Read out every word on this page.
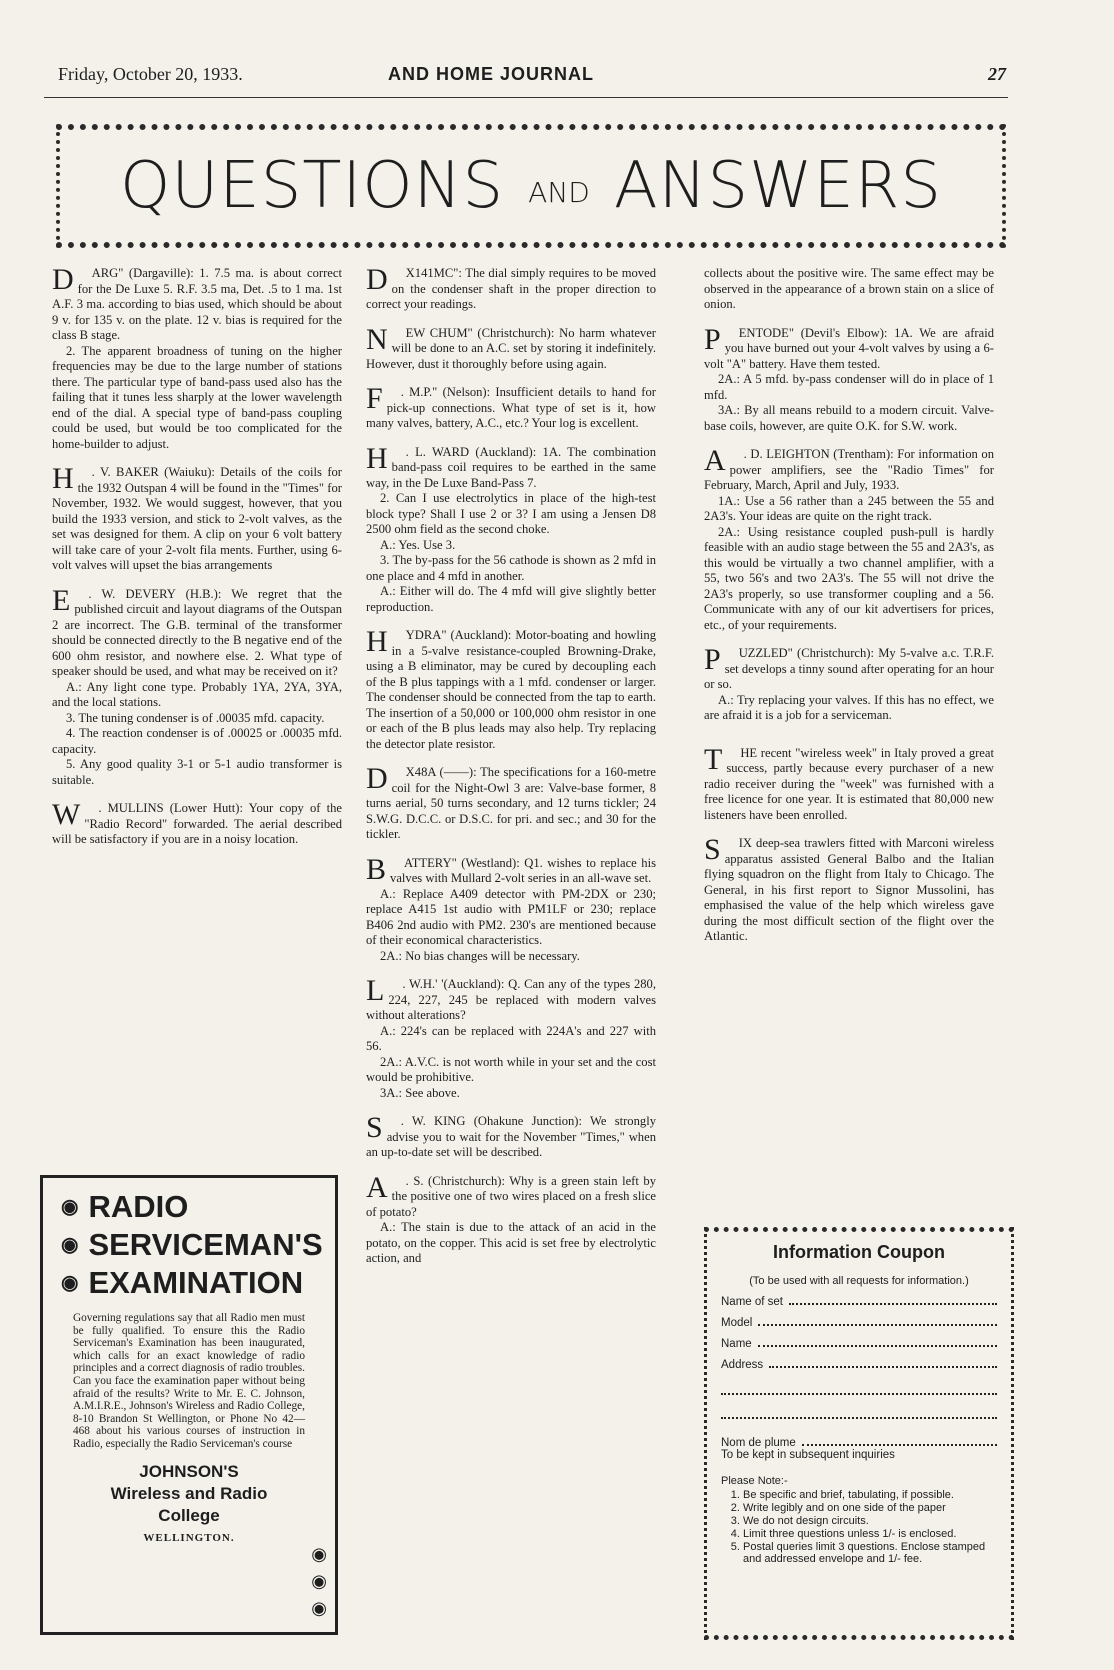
Friday, October 20, 1933.	AND HOME JOURNAL	27
QUESTIONS AND ANSWERS
D	ARG" (Dargaville): 1. 7.5 ma. is about correct for the De Luxe 5. R.F. 3.5 ma, Det. .5 to 1 ma. 1st A.F. 3 ma. according to bias used, which should be about 9 v. for 135 v. on the plate. 12 v. bias is required for the class B stage.

2. The apparent broadness of tuning on the higher frequencies may be due to the large number of stations there. The particular type of band-pass used also has the failing that it tunes less sharply at the lower wavelength end of the dial. A special type of band-pass coupling could be used, but would be too complicated for the home-builder to adjust.

H	. V. BAKER (Waiuku): Details of the coils for the 1932 Outspan 4 will be found in the "Times" for November, 1932. We would suggest, however, that you build the 1933 version, and stick to 2-volt valves, as the set was designed for them. A clip on your 6 volt battery will take care of your 2-volt fila ments. Further, using 6-volt valves will upset the bias arrangements

E	. W. DEVERY (H.B.): We regret that the published circuit and layout diagrams of the Outspan 2 are incorrect. The G.B. terminal of the transformer should be connected directly to the B negative end of the 600 ohm resistor, and nowhere else. 2. What type of speaker should be used, and what may be received on it?

A.: Any light cone type. Probably 1YA, 2YA, 3YA, and the local stations.

3. The tuning condenser is of .00035 mfd. capacity.

4. The reaction condenser is of .00025 or .00035 mfd. capacity.

5. Any good quality 3-1 or 5-1 audio transformer is suitable.

W	. MULLINS (Lower Hutt): Your copy of the "Radio Record" forwarded. The aerial described will be satisfactory if you are in a noisy location.

D	X141MC": The dial simply requires to be moved on the condenser shaft in the proper direction to correct your readings.

N	EW CHUM" (Christchurch): No harm whatever will be done to an A.C. set by storing it indefinitely. However, dust it thoroughly before using again.

F	. M.P." (Nelson): Insufficient details to hand for pick-up connections. What type of set is it, how many valves, battery, A.C., etc.? Your log is excellent.

H	. L. WARD (Auckland): 1A. The combination band-pass coil requires to be earthed in the same way, in the De Luxe Band-Pass 7.

2. Can I use electrolytics in place of the high-test block type? Shall I use 2 or 3? I am using a Jensen D8 2500 ohm field as the second choke.

A.: Yes. Use 3.

3. The by-pass for the 56 cathode is shown as 2 mfd in one place and 4 mfd in another.

A.: Either will do. The 4 mfd will give slightly better reproduction.

H	YDRA" (Auckland): Motor-boating and howling in a 5-valve resistance-coupled Browning-Drake, using a B eliminator, may be cured by decoupling each of the B plus tappings with a 1 mfd. condenser or larger. The condenser should be connected from the tap to earth. The insertion of a 50,000 or 100,000 ohm resistor in one or each of the B plus leads may also help. Try replacing the detector plate resistor.

D	X48A (——): The specifications for a 160-metre coil for the Night-Owl 3 are: Valve-base former, 8 turns aerial, 50 turns secondary, and 12 turns tickler; 24 S.W.G. D.C.C. or D.S.C. for pri. and sec.; and 30 for the tickler.

B	ATTERY" (Westland): Q1. wishes to replace his valves with Mullard 2-volt series in an all-wave set.

A.: Replace A409 detector with PM-2DX or 230; replace A415 1st audio with PM1LF or 230; replace B406 2nd audio with PM2. 230's are mentioned because of their economical characteristics.

2A.: No bias changes will be necessary.

L	. W.H.' '(Auckland): Q. Can any of the types 280, 224, 227, 245 be replaced with modern valves without alterations?

A.: 224's can be replaced with 224A's and 227 with 56.

2A.: A.V.C. is not worth while in your set and the cost would be prohibitive.

3A.: See above.

S	. W. KING (Ohakune Junction): We strongly advise you to wait for the November "Times," when an up-to-date set will be described.

A	. S. (Christchurch): Why is a green stain left by the positive one of two wires placed on a fresh slice of potato?

A.: The stain is due to the attack of an acid in the potato, on the copper. This acid is set free by electrolytic action, and

collects about the positive wire. The same effect may be observed in the appearance of a brown stain on a slice of onion.

P	ENTODE" (Devil's Elbow): 1A. We are afraid you have burned out your 4-volt valves by using a 6-volt "A" battery. Have them tested.

2A.: A 5 mfd. by-pass condenser will do in place of 1 mfd.

3A.: By all means rebuild to a modern circuit. Valve-base coils, however, are quite O.K. for S.W. work.

A	. D. LEIGHTON (Trentham): For information on power amplifiers, see the "Radio Times" for February, March, April and July, 1933.

1A.: Use a 56 rather than a 245 between the 55 and 2A3's. Your ideas are quite on the right track.

2A.: Using resistance coupled push-pull is hardly feasible with an audio stage between the 55 and 2A3's, as this would be virtually a two channel amplifier, with a 55, two 56's and two 2A3's. The 55 will not drive the 2A3's properly, so use transformer coupling and a 56. Communicate with any of our kit advertisers for prices, etc., of your requirements.

P	UZZLED" (Christchurch): My 5-valve a.c. T.R.F. set develops a tinny sound after operating for an hour or so.

A.: Try replacing your valves. If this has no effect, we are afraid it is a job for a serviceman.

T	HE recent "wireless week" in Italy proved a great success, partly because every purchaser of a new radio receiver during the "week" was furnished with a free licence for one year. It is estimated that 80,000 new listeners have been enrolled.

S	IX deep-sea trawlers fitted with Marconi wireless apparatus assisted General Balbo and the Italian flying squadron on the flight from Italy to Chicago. The General, in his first report to Signor Mussolini, has emphasised the value of the help which wireless gave during the most difficult section of the flight over the Atlantic.

◉ RADIO
◉ SERVICEMAN'S
◉ EXAMINATION
Governing regulations say that all Radio men must be fully qualified. To ensure this the Radio Serviceman's Examination has been inaugurated, which calls for an exact knowledge of radio principles and a correct diagnosis of radio troubles. Can you face the examination paper without being afraid of the results? Write to Mr. E. C. Johnson, A.M.I.R.E., Johnson's Wireless and Radio College, 8-10 Brandon St Wellington, or Phone No 42—468 about his various courses of instruction in Radio, especially the Radio Serviceman's course
JOHNSON'S
Wireless and Radio
College
WELLINGTON.
◉
◉
◉
Information Coupon
(To be used with all requests for information.)
Name of set
Model
Name
Address
Nom de plume
To be kept in subsequent inquiries
Please Note:-
1. Be specific and brief, tabulating, if possible.
2. Write legibly and on one side of the paper
3. We do not design circuits.
4. Limit three questions unless 1/- is enclosed.
5. Postal queries limit 3 questions. Enclose stamped and addressed envelope and 1/- fee.
